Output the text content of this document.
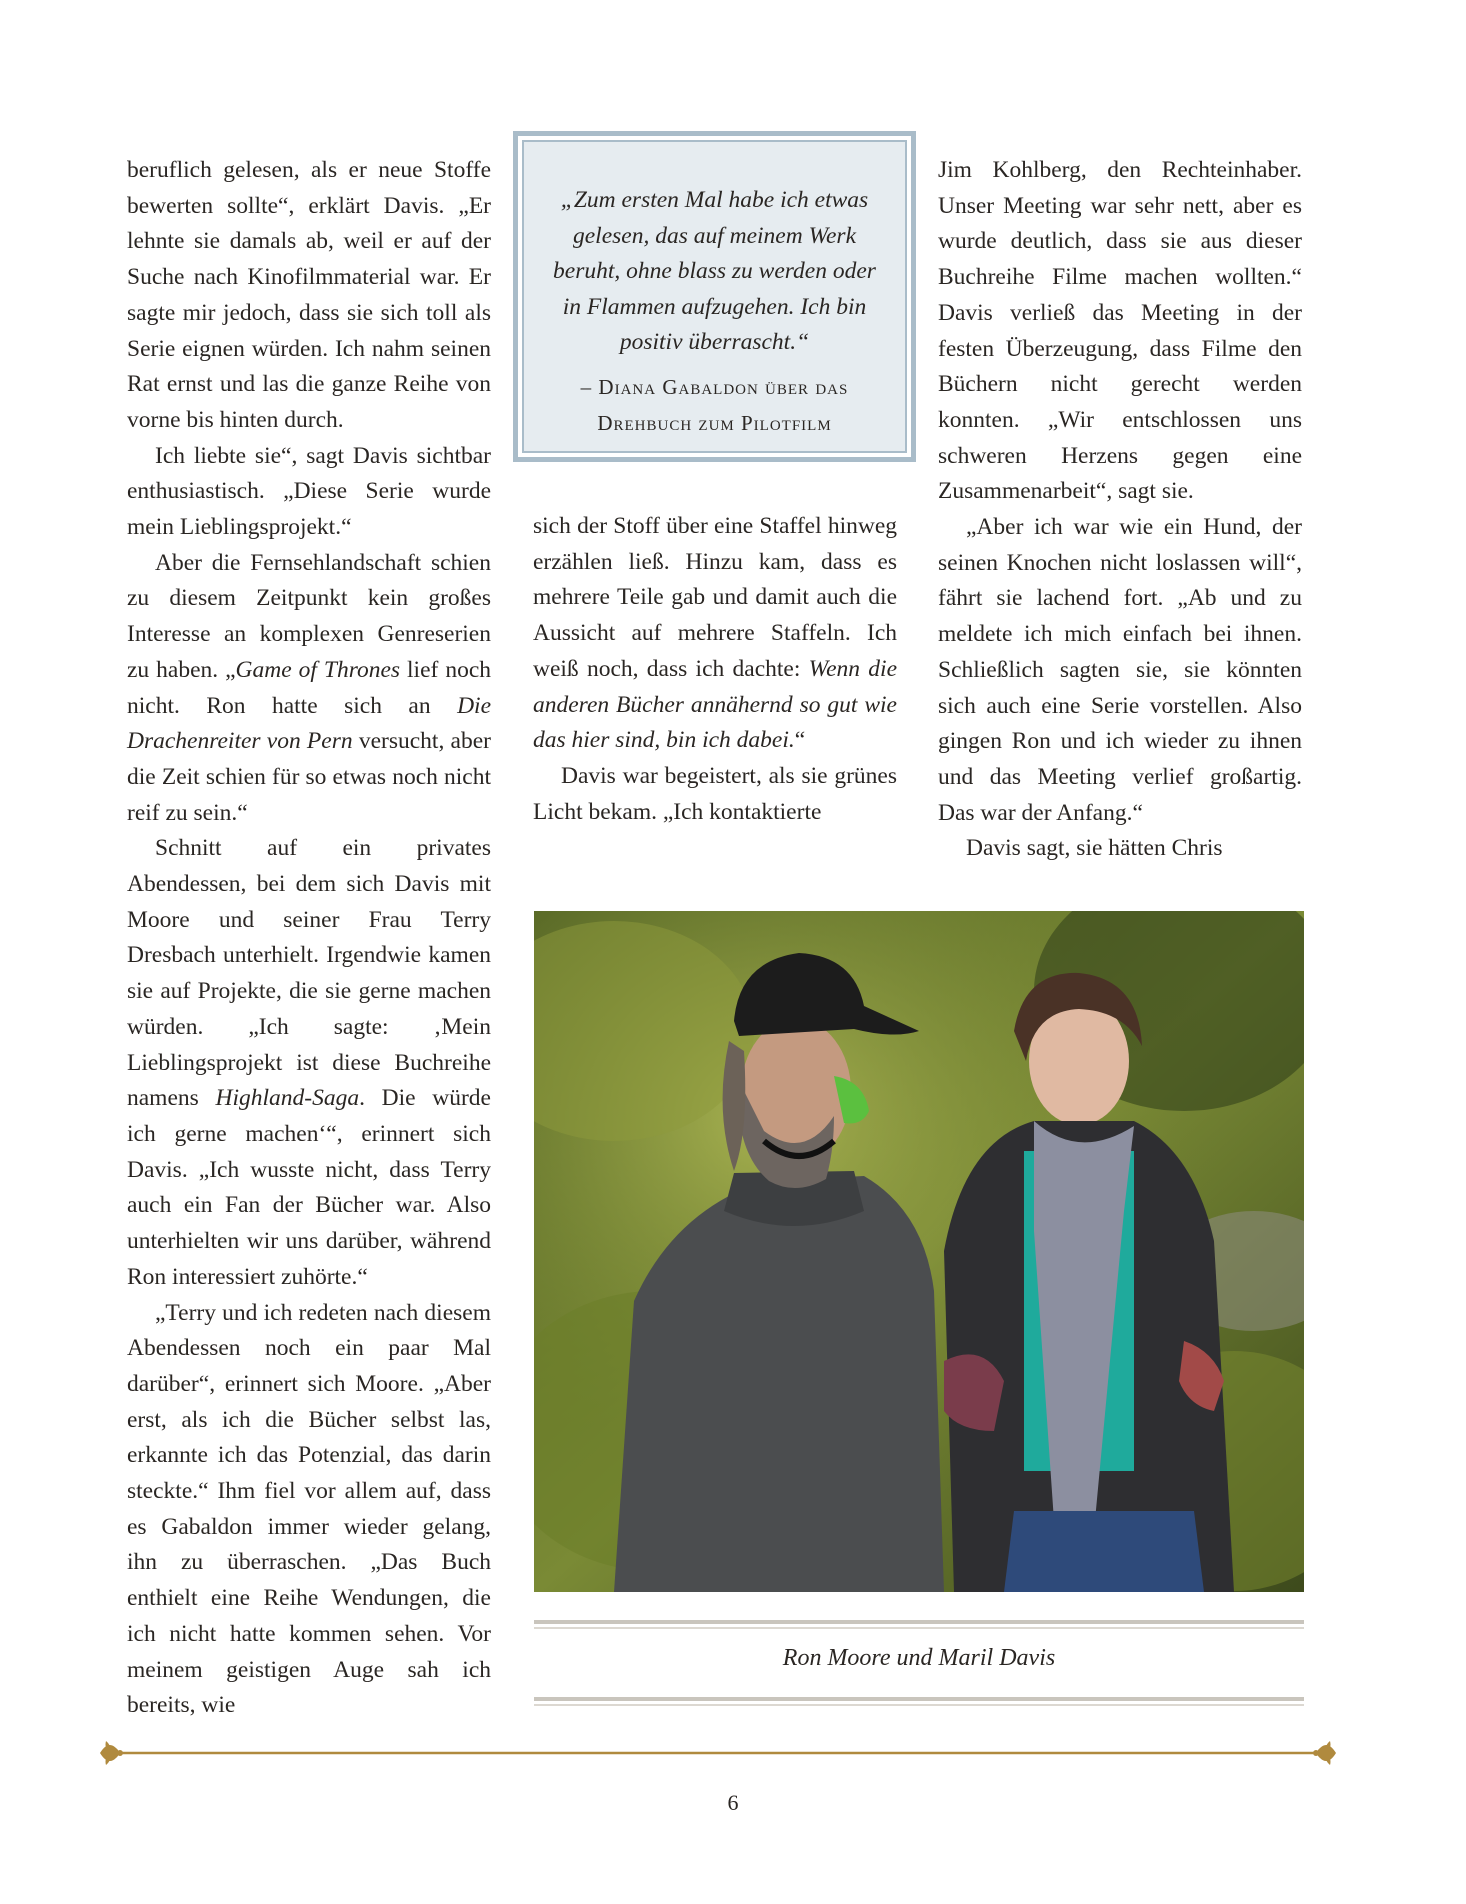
beruflich gelesen, als er neue Stoffe bewerten sollte“, erklärt Davis. „Er lehnte sie damals ab, weil er auf der Suche nach Kinofilmmaterial war. Er sagte mir jedoch, dass sie sich toll als Serie eignen würden. Ich nahm seinen Rat ernst und las die ganze Reihe von vorne bis hinten durch.

Ich liebte sie“, sagt Davis sichtbar enthusiastisch. „Diese Serie wurde mein Lieblingsprojekt.“

Aber die Fernsehlandschaft schien zu diesem Zeitpunkt kein großes Interesse an komplexen Genreserien zu haben. „Game of Thrones lief noch nicht. Ron hatte sich an Die Drachenreiter von Pern versucht, aber die Zeit schien für so etwas noch nicht reif zu sein.“

Schnitt auf ein privates Abendessen, bei dem sich Davis mit Moore und seiner Frau Terry Dresbach unterhielt. Irgendwie kamen sie auf Projekte, die sie gerne machen würden. „Ich sagte: ‚Mein Lieblingsprojekt ist diese Buchreihe namens Highland-Saga. Die würde ich gerne machen‘“, erinnert sich Davis. „Ich wusste nicht, dass Terry auch ein Fan der Bücher war. Also unterhielten wir uns darüber, während Ron interessiert zuhörte.“

„Terry und ich redeten nach diesem Abendessen noch ein paar Mal darüber“, erinnert sich Moore. „Aber erst, als ich die Bücher selbst las, erkannte ich das Potenzial, das darin steckte.“ Ihm fiel vor allem auf, dass es Gabaldon immer wieder gelang, ihn zu überraschen. „Das Buch enthielt eine Reihe Wendungen, die ich nicht hatte kommen sehen. Vor meinem geistigen Auge sah ich bereits, wie

„Zum ersten Mal habe ich etwas gelesen, das auf meinem Werk beruht, ohne blass zu werden oder in Flammen aufzugehen. Ich bin positiv überrascht.“

– Diana Gabaldon über das
Drehbuch zum Pilotfilm

sich der Stoff über eine Staffel hinweg erzählen ließ. Hinzu kam, dass es mehrere Teile gab und damit auch die Aussicht auf mehrere Staffeln. Ich weiß noch, dass ich dachte: Wenn die anderen Bücher annähernd so gut wie das hier sind, bin ich dabei.“

Davis war begeistert, als sie grünes Licht bekam. „Ich kontaktierte

Jim Kohlberg, den Rechteinhaber. Unser Meeting war sehr nett, aber es wurde deutlich, dass sie aus dieser Buchreihe Filme machen wollten.“ Davis verließ das Meeting in der festen Überzeugung, dass Filme den Büchern nicht gerecht werden konnten. „Wir entschlossen uns schweren Herzens gegen eine Zusammenarbeit“, sagt sie.

„Aber ich war wie ein Hund, der seinen Knochen nicht loslassen will“, fährt sie lachend fort. „Ab und zu meldete ich mich einfach bei ihnen. Schließlich sagten sie, sie könnten sich auch eine Serie vorstellen. Also gingen Ron und ich wieder zu ihnen und das Meeting verlief großartig. Das war der Anfang.“

Davis sagt, sie hätten Chris

Ron Moore und Maril Davis
6
